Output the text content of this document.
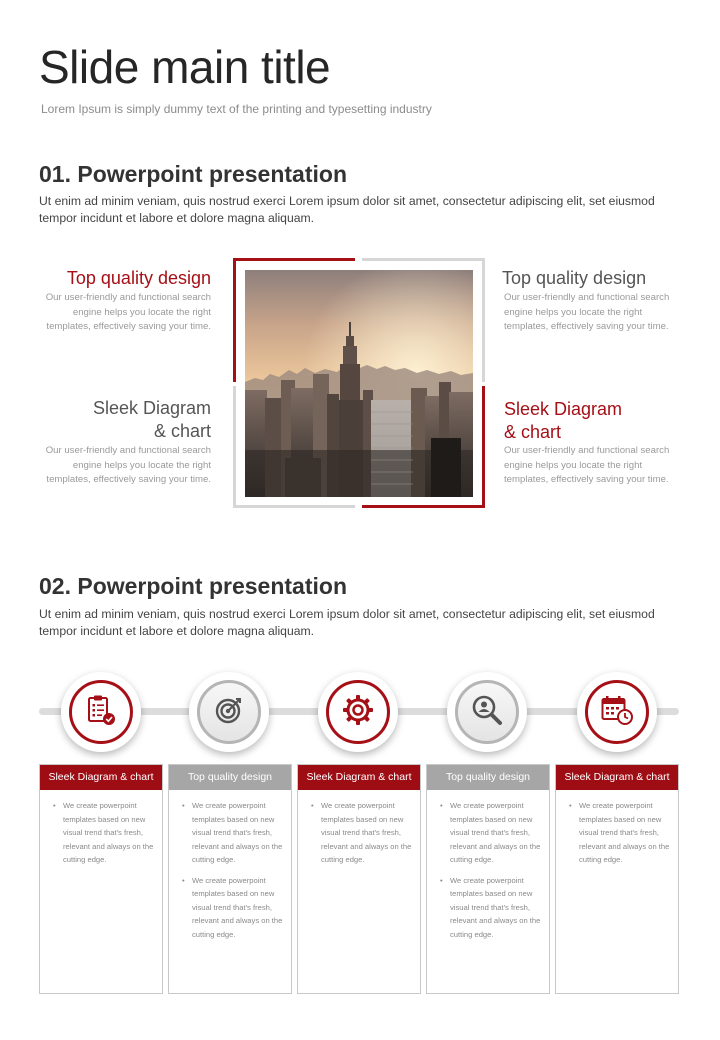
Slide main title

Lorem Ipsum is simply dummy text of the printing and typesetting industry

01. Powerpoint presentation

Ut enim ad minim veniam, quis nostrud exerci Lorem ipsum dolor sit amet, consectetur adipiscing elit, set eiusmod tempor incidunt et labore et dolore magna aliquam.

Top quality design
Our user-friendly and functional search engine helps you locate the right templates, effectively saving your time.
Sleek Diagram & chart
Our user-friendly and functional search engine helps you locate the right templates, effectively saving your time.
Top quality design
Our user-friendly and functional search engine helps you locate the right templates, effectively saving your time.
Sleek Diagram & chart
Our user-friendly and functional search engine helps you locate the right templates, effectively saving your time.
02. Powerpoint presentation

Ut enim ad minim veniam, quis nostrud exerci Lorem ipsum dolor sit amet, consectetur adipiscing elit, set eiusmod tempor incidunt et labore et dolore magna aliquam.

Sleek Diagram & chart
• We create powerpoint templates based on new visual trend that's fresh, relevant and always on the cutting edge.
Top quality design
• We create powerpoint templates based on new visual trend that's fresh, relevant and always on the cutting edge.
• We create powerpoint templates based on new visual trend that's fresh, relevant and always on the cutting edge.
Sleek Diagram & chart
• We create powerpoint templates based on new visual trend that's fresh, relevant and always on the cutting edge.
Top quality design
• We create powerpoint templates based on new visual trend that's fresh, relevant and always on the cutting edge.
• We create powerpoint templates based on new visual trend that's fresh, relevant and always on the cutting edge.
Sleek Diagram & chart
• We create powerpoint templates based on new visual trend that's fresh, relevant and always on the cutting edge.
